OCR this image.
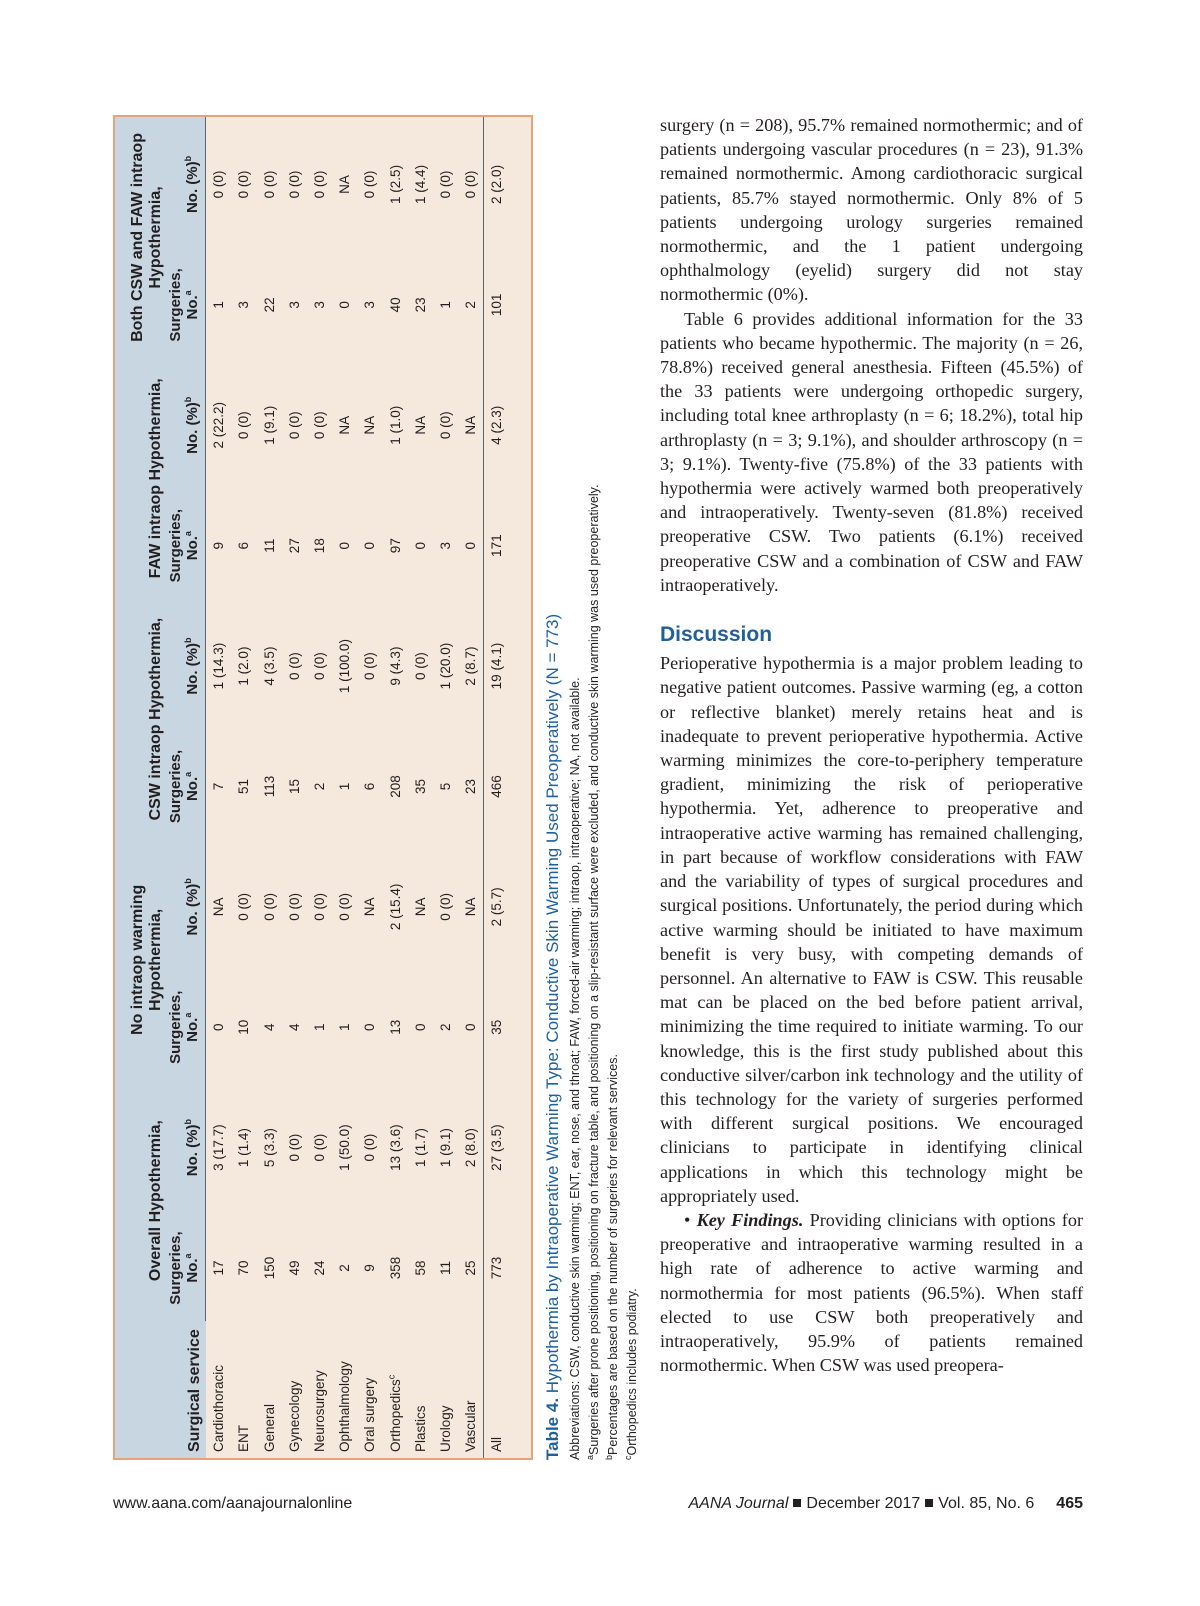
Surgical service	Overall Hypothermia,		No intraop warming Hypothermia,		CSW intraop Hypothermia,		FAW intraop Hypothermia,		Both CSW and FAW intraop Hypothermia,	
	Surgeries, No.$^a$	No. (%)$^b$	Surgeries, No.$^a$	No. (%)$^b$	Surgeries, No.$^a$	No. (%)$^b$	Surgeries, No.$^a$	No. (%)$^b$	Surgeries, No.$^a$	No. (%)$^b$
Cardiothoracic	17	3 (17.7)	0	NA	7	1 (14.3)	9	2 (22.2)	1	0 (0)
ENT	70	1 (1.4)	10	0 (0)	51	1 (2.0)	6	0 (0)	3	0 (0)
General	150	5 (3.3)	4	0 (0)	113	4 (3.5)	11	1 (9.1)	22	0 (0)
Gynecology	49	0 (0)	4	0 (0)	15	0 (0)	27	0 (0)	3	0 (0)
Neurosurgery	24	0 (0)	1	0 (0)	2	0 (0)	18	0 (0)	3	0 (0)
Ophthalmology	2	1 (50.0)	1	0 (0)	1	1 (100.0)	0	NA	0	NA
Oral surgery	9	0 (0)	0	NA	6	0 (0)	0	NA	3	0 (0)
Orthopedics$^c$	358	13 (3.6)	13	2 (15.4)	208	9 (4.3)	97	1 (1.0)	40	1 (2.5)
Plastics	58	1 (1.7)	0	NA	35	0 (0)	0	NA	23	1 (4.4)
Urology	11	1 (9.1)	2	0 (0)	5	1 (20.0)	3	0 (0)	1	0 (0)
Vascular	25	2 (8.0)	0	NA	23	2 (8.7)	0	NA	2	0 (0)
All	773	27 (3.5)	35	2 (5.7)	466	19 (4.1)	171	4 (2.3)	101	2 (2.0)
Table 4. Hypothermia by Intraoperative Warming Type: Conductive Skin Warming Used Preoperatively (N = 773) Abbreviations: CSW, conductive skin warming; ENT, ear, nose, and throat; FAW, forced-air warming; intraop, intraoperative; NA, not available. $^a$Surgeries after prone positioning, positioning on fracture table, and positioning on a slip-resistant surface were excluded, and conductive skin warming was used preoperatively.
$^b$Percentages are based on the number of surgeries for relevant services.
$^c$Orthopedics includes podiatry.

surgery (n = 208), 95.7% remained normothermic; and of patients undergoing vascular procedures (n = 23), 91.3% remained normothermic. Among cardiothoracic surgical patients, 85.7% stayed normothermic. Only 8% of 5 patients undergoing urology surgeries remained normothermic, and the 1 patient undergoing ophthalmology (eyelid) surgery did not stay normothermic (0%).

Table 6 provides additional information for the 33 patients who became hypothermic. The majority (n = 26, 78.8%) received general anesthesia. Fifteen (45.5%) of the 33 patients were undergoing orthopedic surgery, including total knee arthroplasty (n = 6; 18.2%), total hip arthroplasty (n = 3; 9.1%), and shoulder arthroscopy (n = 3; 9.1%). Twenty-five (75.8%) of the 33 patients with hypothermia were actively warmed both preoperatively and intraoperatively. Twenty-seven (81.8%) received preoperative CSW. Two patients (6.1%) received preoperative CSW and a combination of CSW and FAW intraoperatively.

Discussion

Perioperative hypothermia is a major problem leading to negative patient outcomes. Passive warming (eg, a cotton or reflective blanket) merely retains heat and is inadequate to prevent perioperative hypothermia. Active warming minimizes the core-to-periphery temperature gradient, minimizing the risk of perioperative hypothermia. Yet, adherence to preoperative and intraoperative active warming has remained challenging, in part because of workflow considerations with FAW and the variability of types of surgical procedures and surgical positions. Unfortunately, the period during which active warming should be initiated to have maximum benefit is very busy, with competing demands of personnel. An alternative to FAW is CSW. This reusable mat can be placed on the bed before patient arrival, minimizing the time required to initiate warming. To our knowledge, this is the first study published about this conductive silver/carbon ink technology and the utility of this technology for the variety of surgeries performed with different surgical positions. We encouraged clinicians to participate in identifying clinical applications in which this technology might be appropriately used.

• Key Findings. Providing clinicians with options for preoperative and intraoperative warming resulted in a high rate of adherence to active warming and normothermia for most patients (96.5%). When staff elected to use CSW both preoperatively and intraoperatively, 95.9% of patients remained normothermic. When CSW was used preopera-

www.aana.com/aanajournalonline	AANA Journal December 2017 Vol. 85, No. 6 465
